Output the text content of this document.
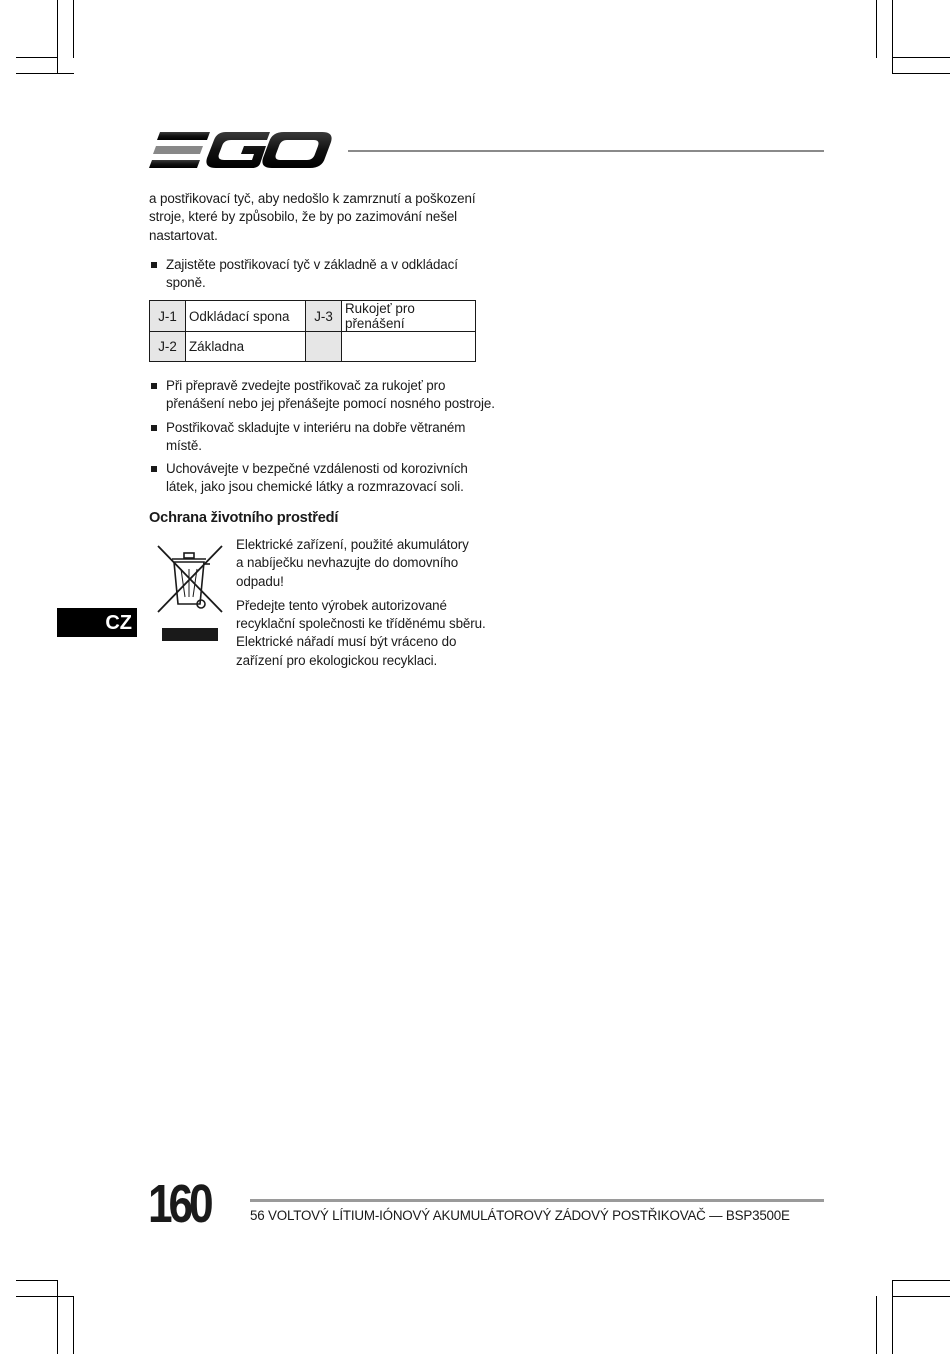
a postřikovací tyč, aby nedošlo k zamrznutí a poškození
stroje, které by způsobilo, že by po zazimování nešel
nastartovat.
Zajistěte postřikovací tyč v základně a v odkládací
sponě.
J-1	Odkládací spona	J-3	Rukojeť pro přenášení
J-2	Základna		
Při přepravě zvedejte postřikovač za rukojeť pro
přenášení nebo jej přenášejte pomocí nosného postroje.
Postřikovač skladujte v interiéru na dobře větraném
místě.
Uchovávejte v bezpečné vzdálenosti od korozivních
látek, jako jsou chemické látky a rozmrazovací soli.
Ochrana životního prostředí

Elektrické zařízení, použité akumulátory
a nabíječku nevhazujte do domovního
odpadu!

Předejte tento výrobek autorizované
recyklační společnosti ke tříděnému sběru.
Elektrické nářadí musí být vráceno do
zařízení pro ekologickou recyklaci.

CZ
160	56 VOLTOVÝ LÍTIUM-IÓNOVÝ AKUMULÁTOROVÝ ZÁDOVÝ POSTŘIKOVAČ — BSP3500E
